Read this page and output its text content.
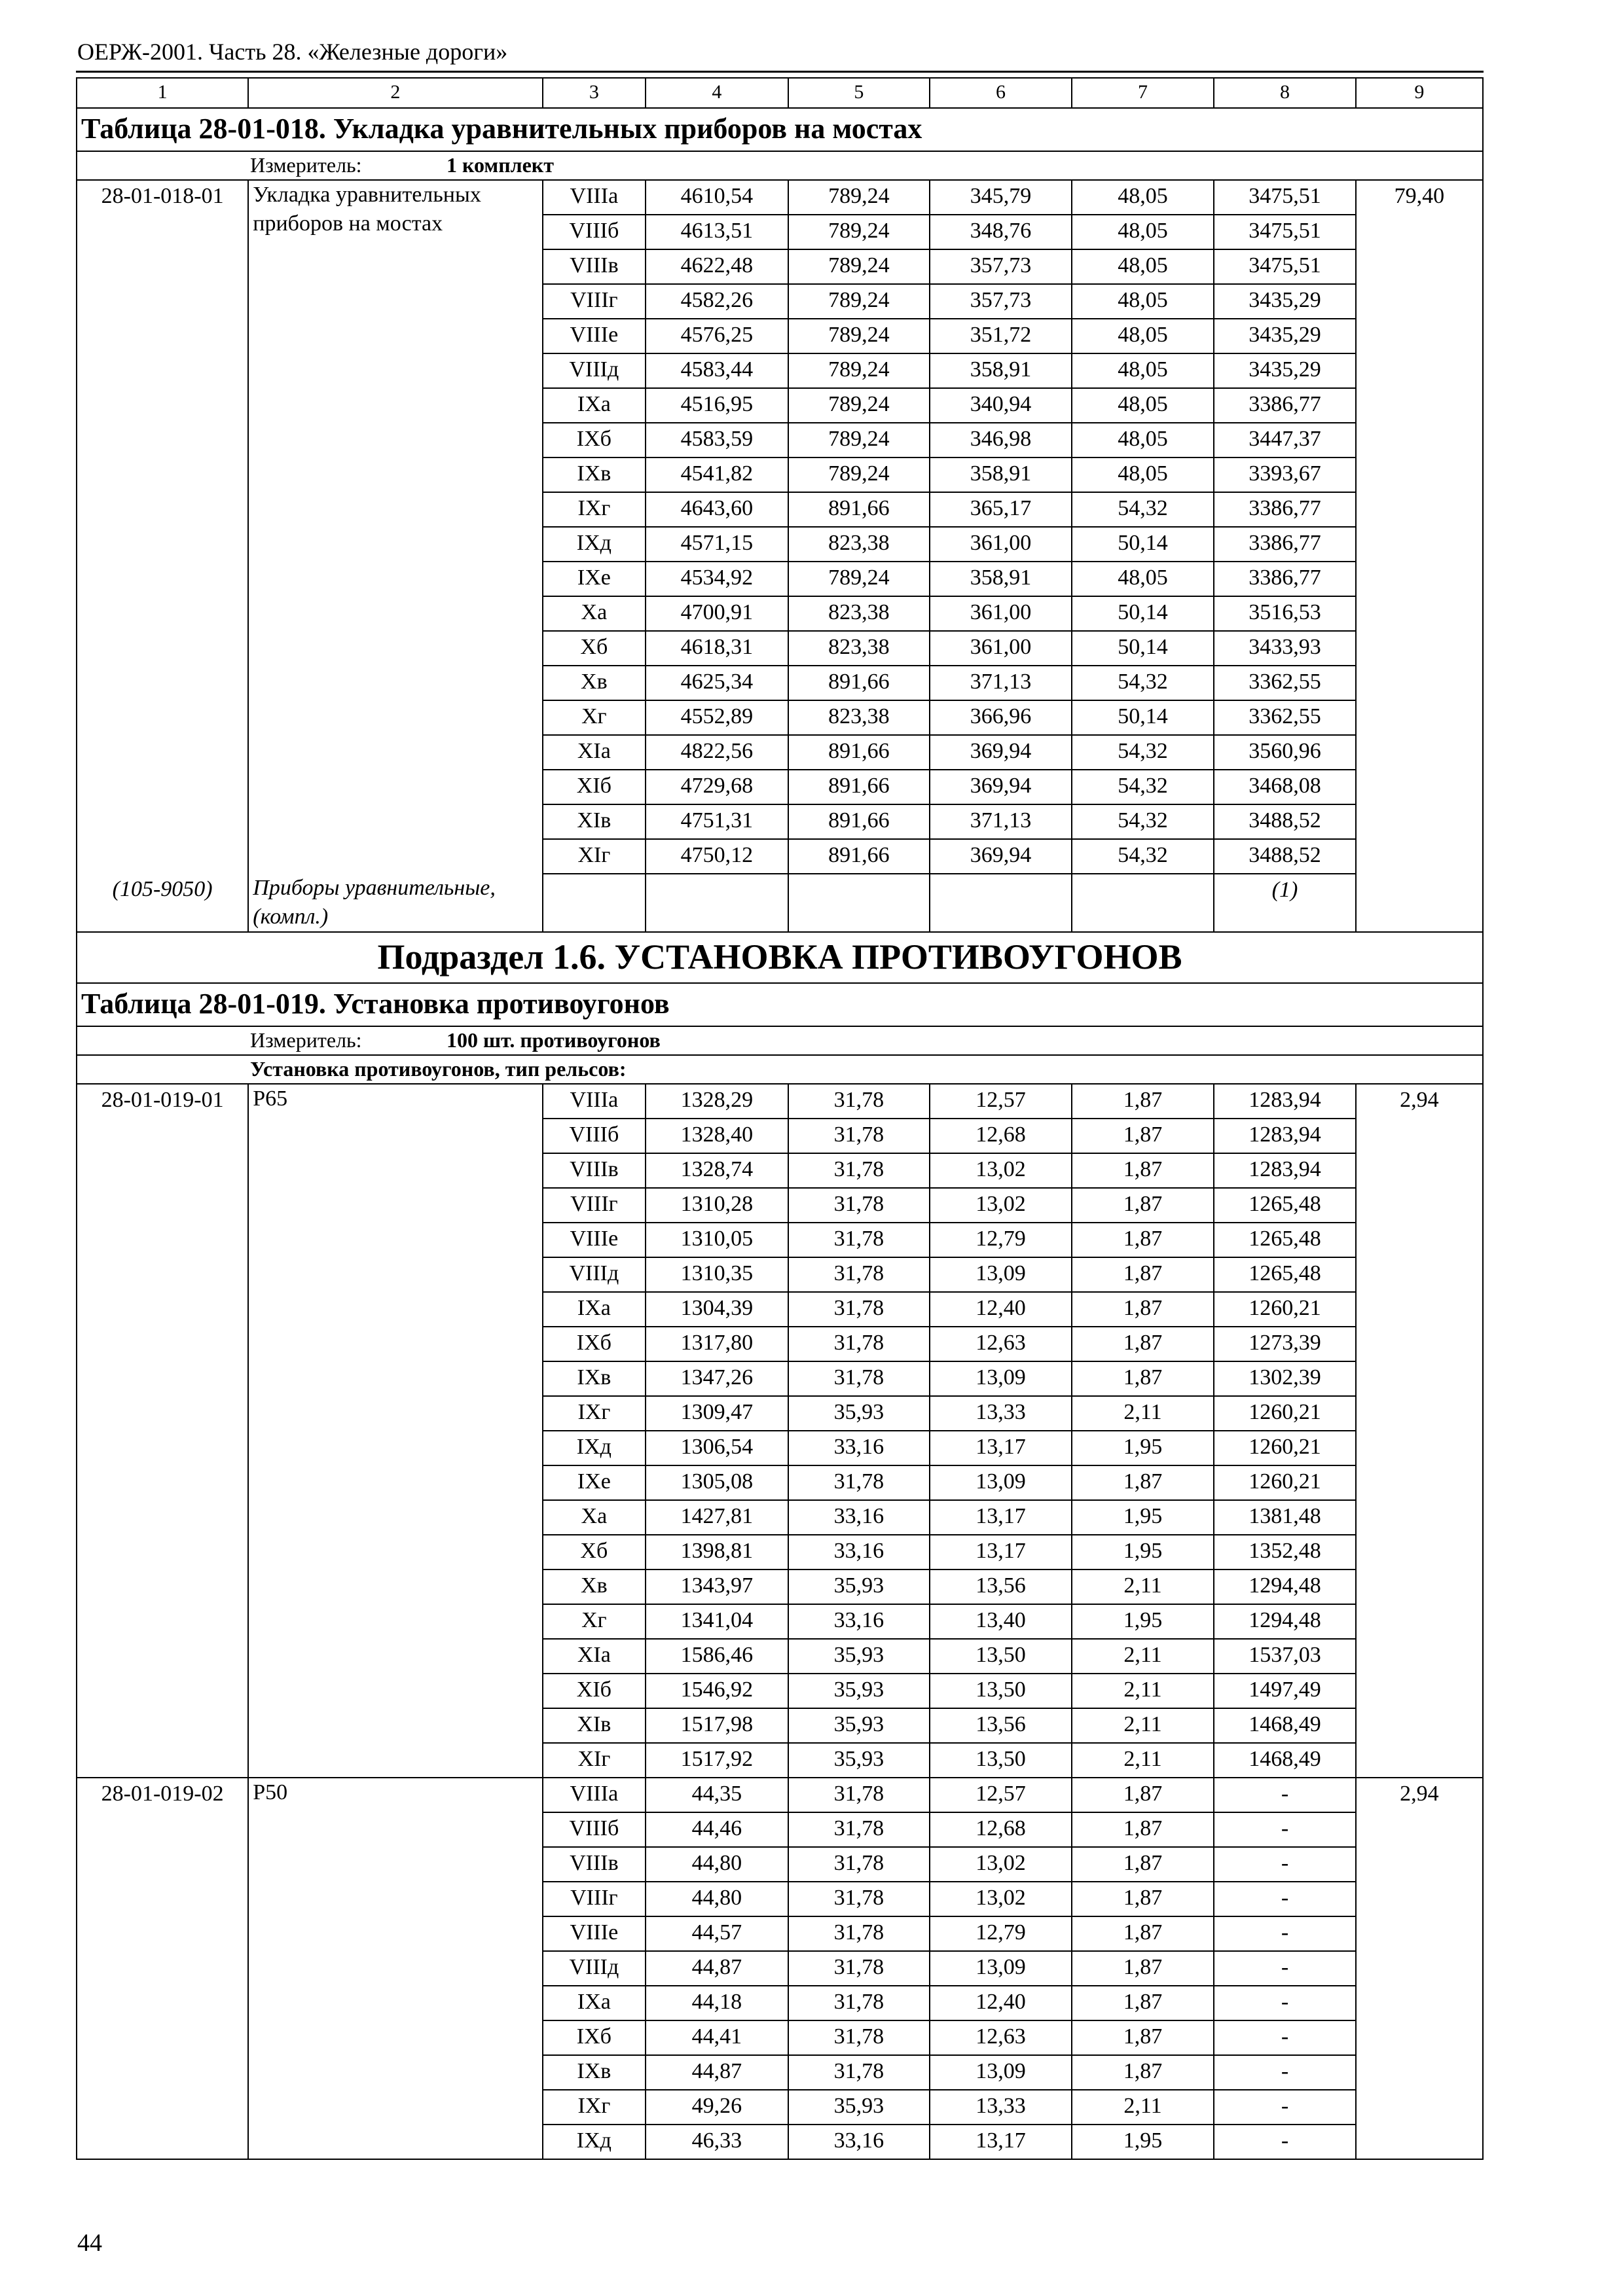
ОЕРЖ-2001. Часть 28. «Железные дороги»
1	2	3	4	5	6	7	8	9
Таблица 28-01-018. Укладка уравнительных приборов на мостах								
Измеритель: 1 комплект								
28-01-018-01	Укладка уравнительных приборов на мостах	VIIIа	4610,54	789,24	345,79	48,05	3475,51	79,40
		VIIIб	4613,51	789,24	348,76	48,05	3475,51	
		VIIIв	4622,48	789,24	357,73	48,05	3475,51	
		VIIIг	4582,26	789,24	357,73	48,05	3435,29	
		VIIIе	4576,25	789,24	351,72	48,05	3435,29	
		VIIIд	4583,44	789,24	358,91	48,05	3435,29	
		IXа	4516,95	789,24	340,94	48,05	3386,77	
		IXб	4583,59	789,24	346,98	48,05	3447,37	
		IXв	4541,82	789,24	358,91	48,05	3393,67	
		IXг	4643,60	891,66	365,17	54,32	3386,77	
		IXд	4571,15	823,38	361,00	50,14	3386,77	
		IXе	4534,92	789,24	358,91	48,05	3386,77	
		Xа	4700,91	823,38	361,00	50,14	3516,53	
		Xб	4618,31	823,38	361,00	50,14	3433,93	
		Xв	4625,34	891,66	371,13	54,32	3362,55	
		Xг	4552,89	823,38	366,96	50,14	3362,55	
		XIа	4822,56	891,66	369,94	54,32	3560,96	
		XIб	4729,68	891,66	369,94	54,32	3468,08	
		XIв	4751,31	891,66	371,13	54,32	3488,52	
		XIг	4750,12	891,66	369,94	54,32	3488,52	
(105-9050)	Приборы уравнительные, (компл.)						(1)	
Подраздел 1.6. УСТАНОВКА ПРОТИВОУГОНОВ								
Таблица 28-01-019. Установка противоугонов								
Измеритель: 100 шт. противоугонов								
Установка противоугонов, тип рельсов:								
28-01-019-01	Р65	VIIIа	1328,29	31,78	12,57	1,87	1283,94	2,94
		VIIIб	1328,40	31,78	12,68	1,87	1283,94	
		VIIIв	1328,74	31,78	13,02	1,87	1283,94	
		VIIIг	1310,28	31,78	13,02	1,87	1265,48	
		VIIIе	1310,05	31,78	12,79	1,87	1265,48	
		VIIIд	1310,35	31,78	13,09	1,87	1265,48	
		IXа	1304,39	31,78	12,40	1,87	1260,21	
		IXб	1317,80	31,78	12,63	1,87	1273,39	
		IXв	1347,26	31,78	13,09	1,87	1302,39	
		IXг	1309,47	35,93	13,33	2,11	1260,21	
		IXд	1306,54	33,16	13,17	1,95	1260,21	
		IXе	1305,08	31,78	13,09	1,87	1260,21	
		Xа	1427,81	33,16	13,17	1,95	1381,48	
		Xб	1398,81	33,16	13,17	1,95	1352,48	
		Xв	1343,97	35,93	13,56	2,11	1294,48	
		Xг	1341,04	33,16	13,40	1,95	1294,48	
		XIа	1586,46	35,93	13,50	2,11	1537,03	
		XIб	1546,92	35,93	13,50	2,11	1497,49	
		XIв	1517,98	35,93	13,56	2,11	1468,49	
		XIг	1517,92	35,93	13,50	2,11	1468,49	
28-01-019-02	Р50	VIIIа	44,35	31,78	12,57	1,87	-	2,94
		VIIIб	44,46	31,78	12,68	1,87	-	
		VIIIв	44,80	31,78	13,02	1,87	-	
		VIIIг	44,80	31,78	13,02	1,87	-	
		VIIIе	44,57	31,78	12,79	1,87	-	
		VIIIд	44,87	31,78	13,09	1,87	-	
		IXа	44,18	31,78	12,40	1,87	-	
		IXб	44,41	31,78	12,63	1,87	-	
		IXв	44,87	31,78	13,09	1,87	-	
		IXг	49,26	35,93	13,33	2,11	-	
		IXд	46,33	33,16	13,17	1,95	-	
44
